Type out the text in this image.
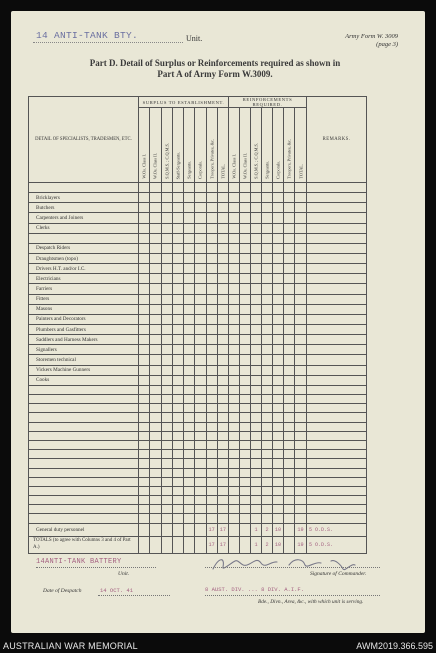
14 ANTI-TANK BTY.	Unit.	Army Form W. 3009
(page 3)
Part D. Detail of Surplus or Reinforcements required as shown in
Part A of Army Form W.3009.
DETAIL OF SPECIALISTS, TRADESMEN, ETC.	SURPLUS TO ESTABLISHMENT.								REINFORCEMENTS REQUIRED.							REMARKS.

	W.Os. Class I.	W.Os. Class II.	S.Q.M.S. ; C.Q.M.S.	Staff-Sergeants.	Sergeants.	Corporals.	Troopers, Privates, &c.	TOTAL.	W.Os. Class I.	W.Os. Class II.	S.Q.M.S. ; C.Q.M.S.	Sergeants.	Corporals.	Troopers, Privates, &c.	TOTAL.	

Bricklayers																
Butchers																
Carpenters and Joiners																
Clerks																

Despatch Riders																
Draughtsmen (topo)																
Drivers H.T. and/or I.C.																
Electricians																
Farriers																
Fitters																
Masons																
Painters and Decorators																
Plumbers and Gasfitters																
Saddlers and Harness Makers																
Signallers																
Storemen technical																
Vickers Machine Gunners																
Cooks																

General duty personnel							17	17			1	2	10		19	5 O.D.S.
TOTALS (to agree with Columns 3 and 4 of Part A.)							17	17			1	2	10		19	5 O.D.S.
14ANTI-TANK BATTERY
Unit.	Signature of Commander.
Date of Despatch	14 OCT. 41	8 AUST. DIV. ... 8 DIV. A.I.F.
Bde., Divn., Area, &c., with which unit is serving.
AUSTRALIAN WAR MEMORIAL	AWM2019.366.595
